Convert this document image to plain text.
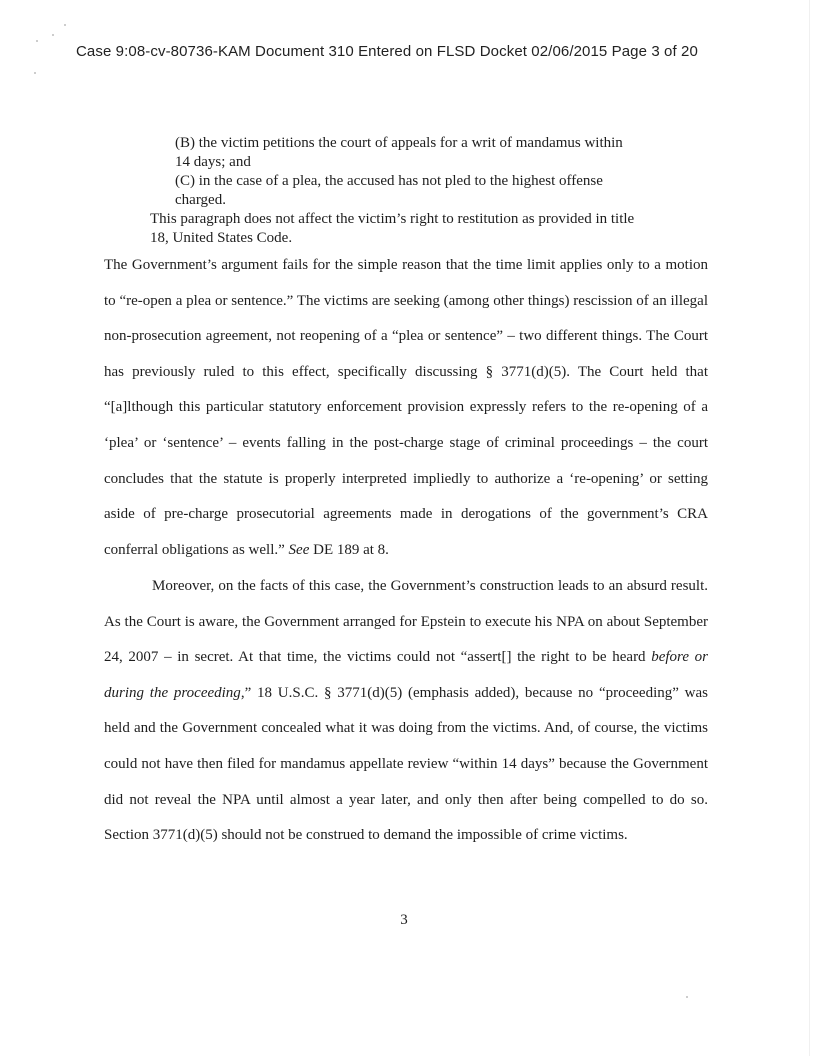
Case 9:08-cv-80736-KAM Document 310 Entered on FLSD Docket 02/06/2015 Page 3 of 20
(B) the victim petitions the court of appeals for a writ of mandamus within
14 days; and
(C) in the case of a plea, the accused has not pled to the highest offense
charged.
This paragraph does not affect the victim’s right to restitution as provided in title
18, United States Code.

The Government’s argument fails for the simple reason that the time limit applies only to a motion to “re-open a plea or sentence.” The victims are seeking (among other things) rescission of an illegal non-prosecution agreement, not reopening of a “plea or sentence” – two different things. The Court has previously ruled to this effect, specifically discussing § 3771(d)(5). The Court held that “[a]lthough this particular statutory enforcement provision expressly refers to the re-opening of a ‘plea’ or ‘sentence’ – events falling in the post-charge stage of criminal proceedings – the court concludes that the statute is properly interpreted impliedly to authorize a ‘re-opening’ or setting aside of pre-charge prosecutorial agreements made in derogations of the government’s CRA conferral obligations as well.” See DE 189 at 8.

Moreover, on the facts of this case, the Government’s construction leads to an absurd result. As the Court is aware, the Government arranged for Epstein to execute his NPA on about September 24, 2007 – in secret. At that time, the victims could not “assert[] the right to be heard before or during the proceeding,” 18 U.S.C. § 3771(d)(5) (emphasis added), because no “proceeding” was held and the Government concealed what it was doing from the victims. And, of course, the victims could not have then filed for mandamus appellate review “within 14 days” because the Government did not reveal the NPA until almost a year later, and only then after being compelled to do so. Section 3771(d)(5) should not be construed to demand the impossible of crime victims.

3
